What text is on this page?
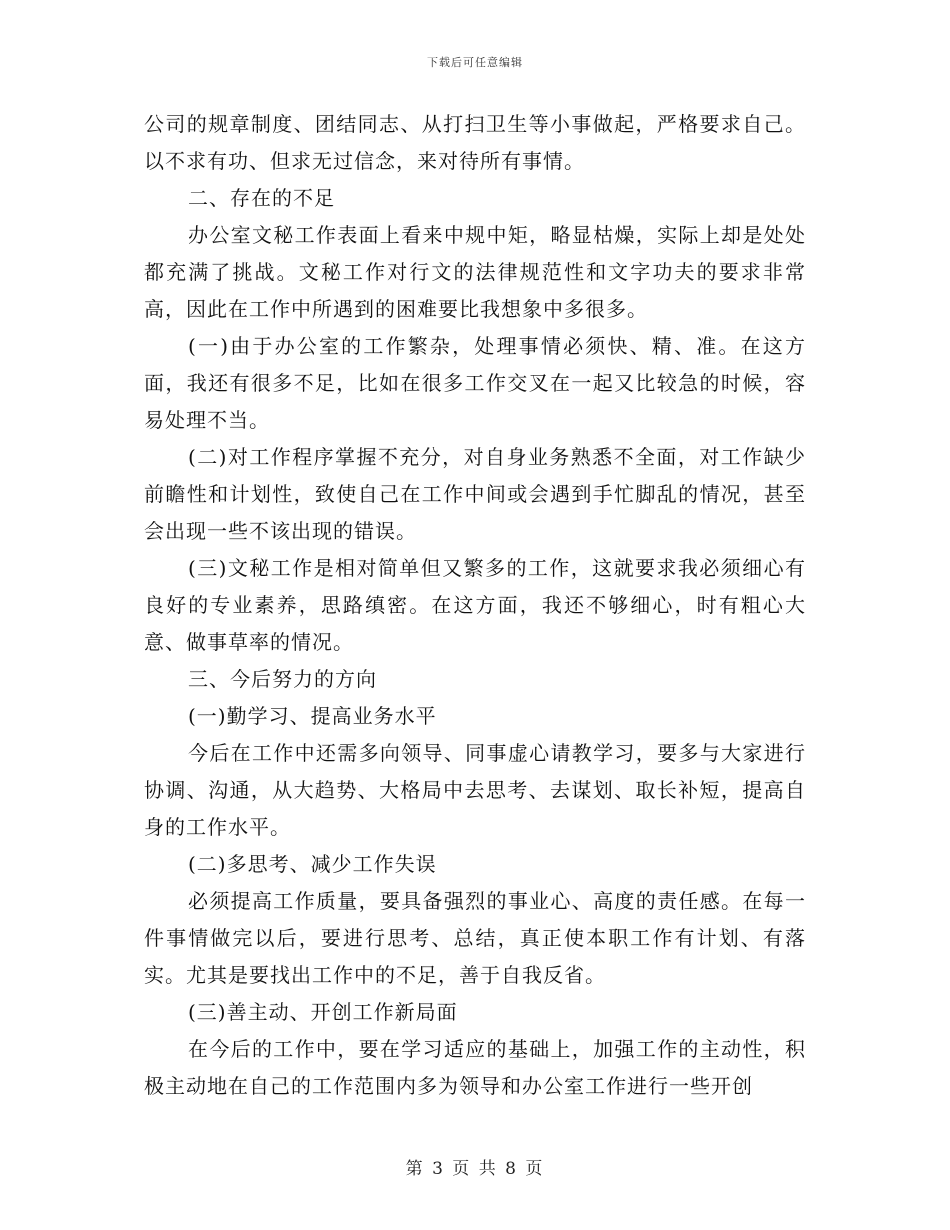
下载后可任意编辑

公司的规章制度、团结同志、从打扫卫生等小事做起，严格要求自己。以不求有功、但求无过信念，来对待所有事情。

二、存在的不足

办公室文秘工作表面上看来中规中矩，略显枯燥，实际上却是处处都充满了挑战。文秘工作对行文的法律规范性和文字功夫的要求非常高，因此在工作中所遇到的困难要比我想象中多很多。

(一)由于办公室的工作繁杂，处理事情必须快、精、准。在这方面，我还有很多不足，比如在很多工作交叉在一起又比较急的时候，容易处理不当。

(二)对工作程序掌握不充分，对自身业务熟悉不全面，对工作缺少前瞻性和计划性，致使自己在工作中间或会遇到手忙脚乱的情况，甚至会出现一些不该出现的错误。

(三)文秘工作是相对简单但又繁多的工作，这就要求我必须细心有良好的专业素养，思路缜密。在这方面，我还不够细心，时有粗心大意、做事草率的情况。

三、今后努力的方向

(一)勤学习、提高业务水平

今后在工作中还需多向领导、同事虚心请教学习，要多与大家进行协调、沟通，从大趋势、大格局中去思考、去谋划、取长补短，提高自身的工作水平。

(二)多思考、减少工作失误

必须提高工作质量，要具备强烈的事业心、高度的责任感。在每一件事情做完以后，要进行思考、总结，真正使本职工作有计划、有落实。尤其是要找出工作中的不足，善于自我反省。

(三)善主动、开创工作新局面

在今后的工作中，要在学习适应的基础上，加强工作的主动性，积极主动地在自己的工作范围内多为领导和办公室工作进行一些开创

第 3 页 共 8 页
